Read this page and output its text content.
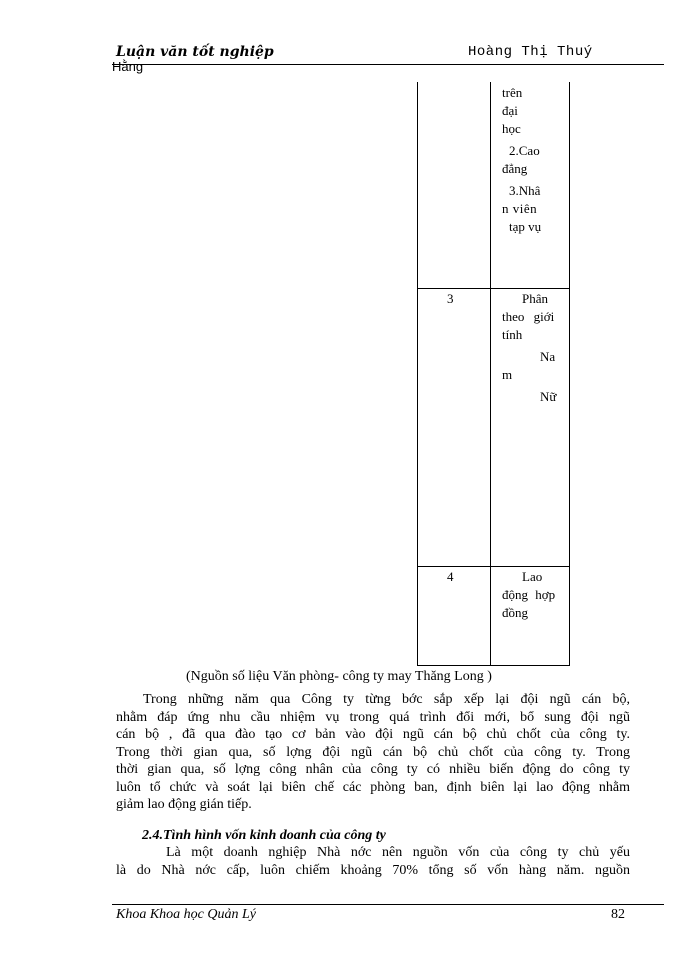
Luận văn tốt nghiệp
Hằng
Hoàng Thị Thuý
trên
đại
học
2.Cao
đẳng
3.Nhâ
n viên
tạp vụ
3	Phân
theo giới
tính
Na
m
Nữ
4	Lao
động hợp
đồng
(Nguồn số liệu Văn phòng- công ty may Thăng Long )
Trong những năm qua Công ty từng bớc sắp xếp lại đội ngũ cán bộ,
nhằm đáp ứng nhu cầu nhiệm vụ trong quá trình đổi mới, bổ sung đội ngũ
cán bộ , đã qua đào tạo cơ bản vào đội ngũ cán bộ chủ chốt của công ty.
Trong thời gian qua, số lợng đội ngũ cán bộ chủ chốt của công ty. Trong
thời gian qua, số lợng công nhân của công ty có nhiều biến động do công ty
luôn tổ chức và soát lại biên chế các phòng ban, định biên lại lao động nhằm
giảm lao động gián tiếp.
2.4.Tình hình vốn kinh doanh của công ty
Là một doanh nghiệp Nhà nớc nên nguồn vốn của công ty chủ yếu
là do Nhà nớc cấp, luôn chiếm khoảng 70% tổng số vốn hàng năm. nguồn
Khoa Khoa học Quản Lý	82
